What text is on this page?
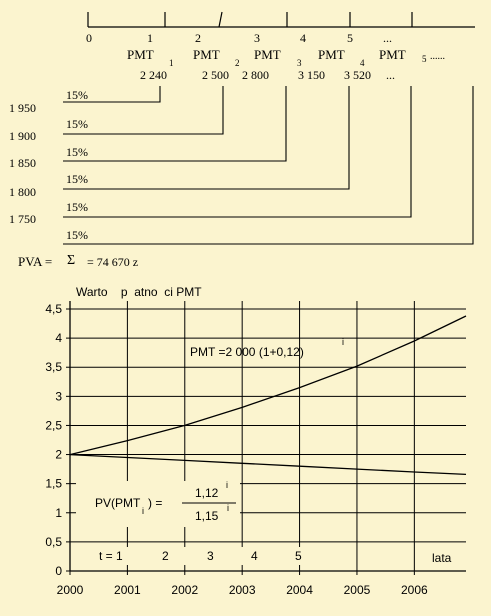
0	1	2	3	4	5	...
PMT
1
PMT
2
PMT
3
PMT
4
PMT 5 ......
2 240	2 500 2 800 3 150 3 520 ...
15%
15%
15%
15%
15%
15%
1 950
1 900
1 850
1 800
1 750
PVA = Σ = 74 670 z
0
0,5
1
1,5
2
2,5
3
3,5
4
4,5
2000	2001	2002	2003	2004	2005	2006
Warto    p  atno  ci PMT
PMT =2 000 (1+0,12)
i
PV(PMT
i
) =
1,12
i
1,15
i
t = 1	2	3	4	5	lata
